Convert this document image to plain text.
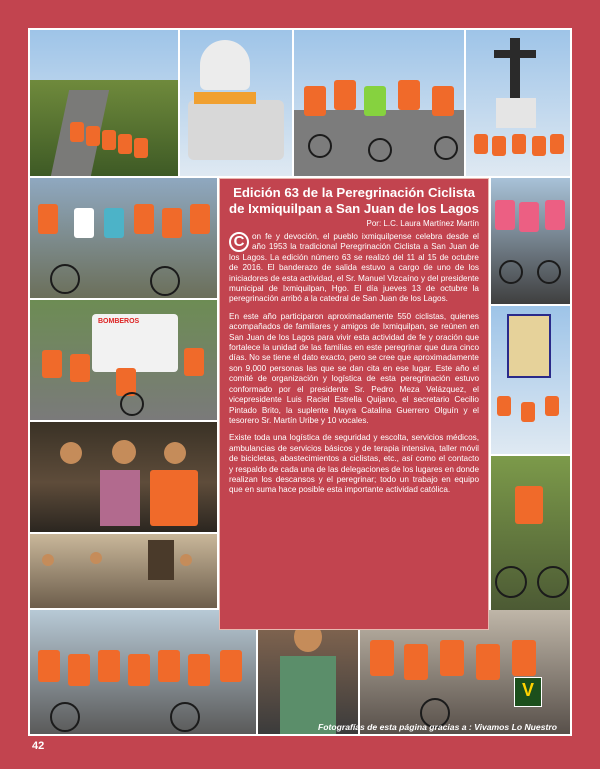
BOMBEROS
Edición 63 de la Peregrinación Ciclista de Ixmiquilpan a San Juan de los Lagos
Por: L.C. Laura Martínez Martín

C on fe y devoción, el pueblo ixmiquilpense celebra desde el año 1953 la tradicional Peregrinación Ciclista a San Juan de los Lagos. La edición número 63 se realizó del 11 al 15 de octubre de 2016. El banderazo de salida estuvo a cargo de uno de los iniciadores de esta actividad, el Sr. Manuel Vizcaíno y del presidente municipal de Ixmiquilpan, Hgo. El día jueves 13 de octubre la peregrinación arribó a la catedral de San Juan de los Lagos.

En este año participaron aproximadamente 550 ciclistas, quienes acompañados de familiares y amigos de Ixmiquilpan, se reúnen en San Juan de los Lagos para vivir esta actividad de fe y oración que fortalece la unidad de las familias en este peregrinar que dura cinco días. No se tiene el dato exacto, pero se cree que aproximadamente son 9,000 personas las que se dan cita en ese lugar. Este año el comité de organización y logística de esta peregrinación estuvo conformado por el presidente Sr. Pedro Meza Velázquez, el vicepresidente Luis Raciel Estrella Quijano, el secretario Cecilio Pintado Brito, la suplente Mayra Catalina Guerrero Olguín y el tesorero Sr. Martín Uribe y 10 vocales.

Existe toda una logística de seguridad y escolta, servicios médicos, ambulancias de servicios básicos y de terapia intensiva, taller móvil de bicicletas, abastecimientos a ciclistas, etc., así como el contacto y respaldo de cada una de las delegaciones de los lugares en donde realizan los descansos y el peregrinar; todo un trabajo en equipo que en suma hace posible esta importante actividad católica.

Fotografías de esta página gracias a : Vivamos Lo Nuestro
V
42
